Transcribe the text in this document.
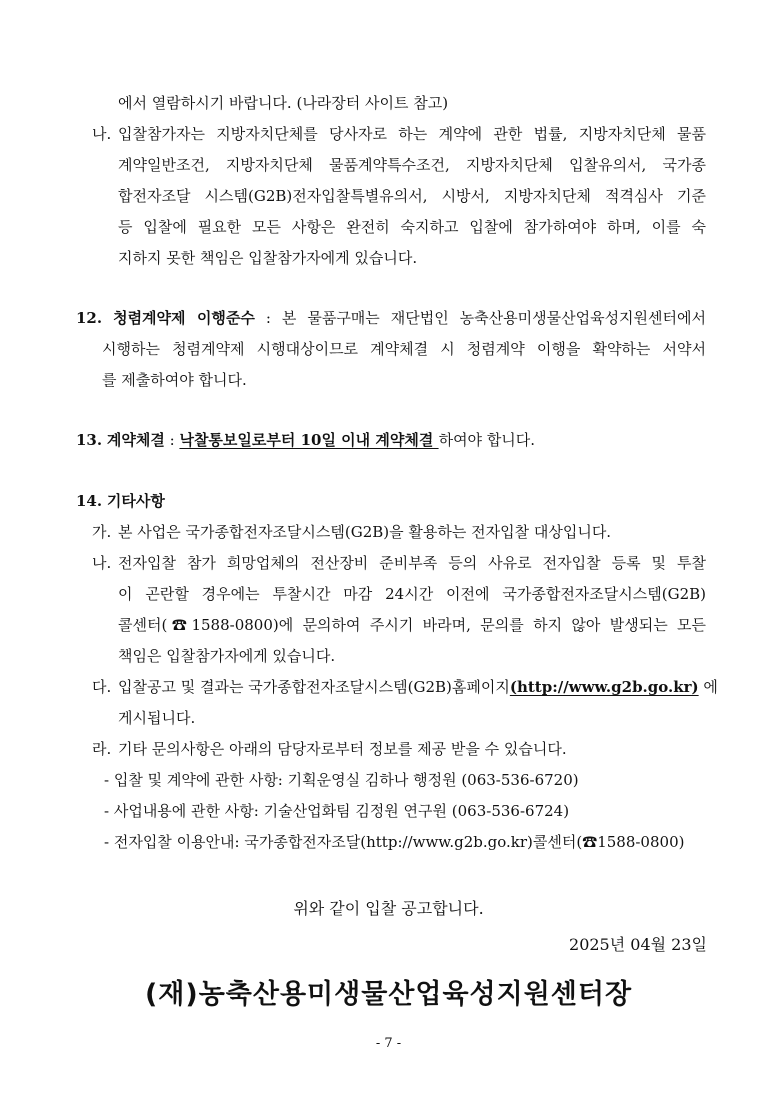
에서 열람하시기 바랍니다. (나라장터 사이트 참고)
나. 입찰참가자는 지방자치단체를 당사자로 하는 계약에 관한 법률, 지방자치단체 물품
계약일반조건, 지방자치단체 물품계약특수조건, 지방자치단체 입찰유의서, 국가종
합전자조달 시스템(G2B)전자입찰특별유의서, 시방서, 지방자치단체 적격심사 기준
등 입찰에 필요한 모든 사항은 완전히 숙지하고 입찰에 참가하여야 하며, 이를 숙
지하지 못한 책임은 입찰참가자에게 있습니다.
12. 청렴계약제 이행준수 : 본 물품구매는 재단법인 농축산용미생물산업육성지원센터에서
시행하는 청렴계약제 시행대상이므로 계약체결 시 청렴계약 이행을 확약하는 서약서
를 제출하여야 합니다.
13. 계약체결 : 낙찰통보일로부터 10일 이내 계약체결 하여야 합니다.
14. 기타사항
가. 본 사업은 국가종합전자조달시스템(G2B)을 활용하는 전자입찰 대상입니다.
나. 전자입찰 참가 희망업체의 전산장비 준비부족 등의 사유로 전자입찰 등록 및 투찰
이 곤란할 경우에는 투찰시간 마감 24시간 이전에 국가종합전자조달시스템(G2B)
콜센터(☎1588-0800)에 문의하여 주시기 바라며, 문의를 하지 않아 발생되는 모든
책임은 입찰참가자에게 있습니다.
다. 입찰공고 및 결과는 국가종합전자조달시스템(G2B)홈페이지(http://www.g2b.go.kr) 에
게시됩니다.
라. 기타 문의사항은 아래의 담당자로부터 정보를 제공 받을 수 있습니다.
- 입찰 및 계약에 관한 사항: 기획운영실 김하나 행정원 (063-536-6720)
- 사업내용에 관한 사항: 기술산업화팀 김정원 연구원 (063-536-6724)
- 전자입찰 이용안내: 국가종합전자조달(http://www.g2b.go.kr)콜센터(☎1588-0800)
위와 같이 입찰 공고합니다.
2025년 04월 23일
(재)농축산용미생물산업육성지원센터장
- 7 -
